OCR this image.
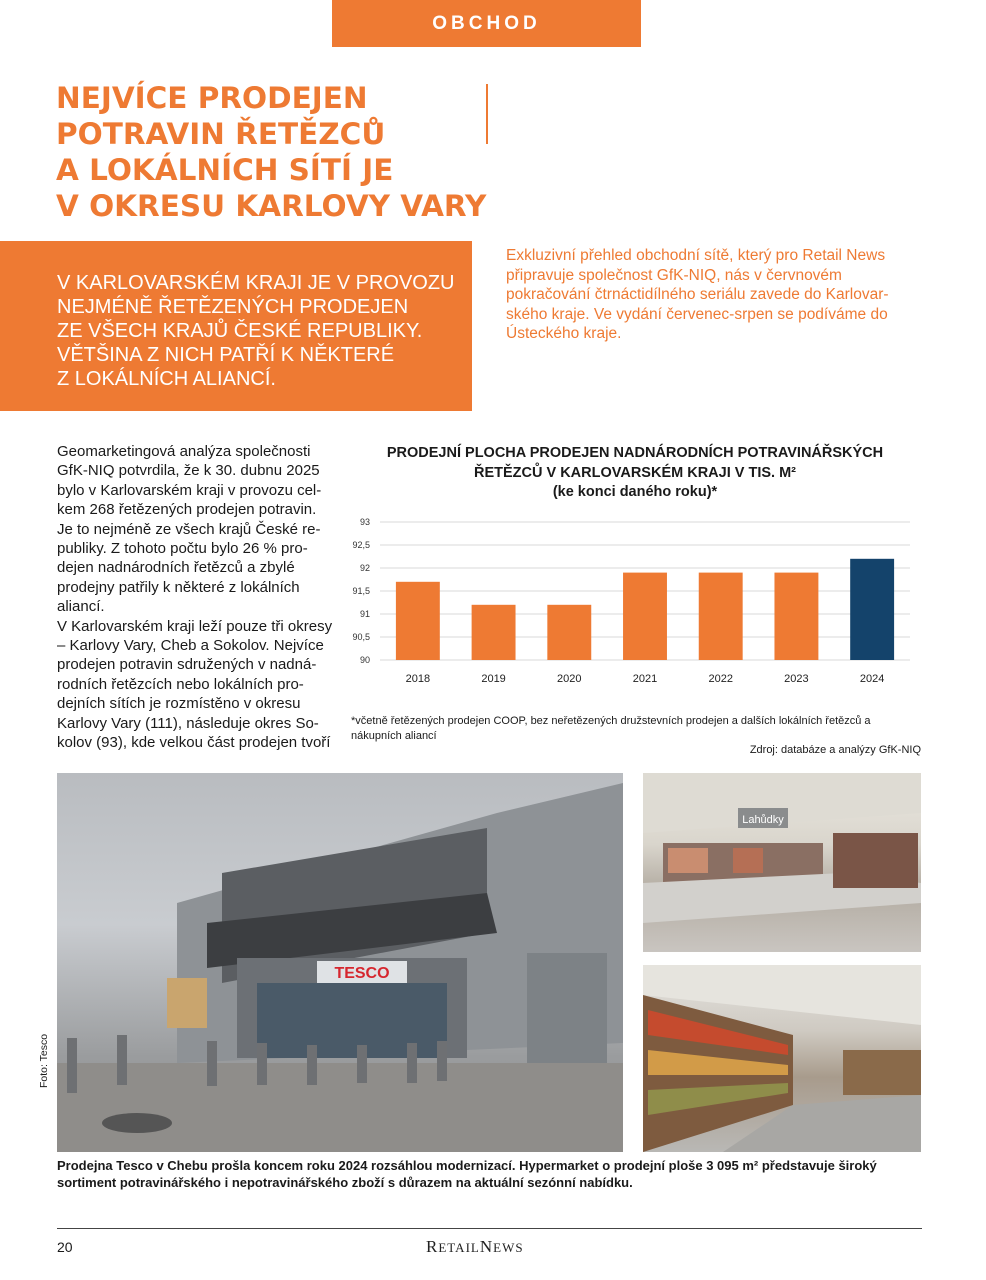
OBCHOD
NEJVÍCE PRODEJEN
POTRAVIN ŘETĚZCŮ
A LOKÁLNÍCH SÍTÍ JE
V OKRESU KARLOVY VARY
V KARLOVARSKÉM KRAJI JE V PROVOZU
NEJMÉNĚ ŘETĚZENÝCH PRODEJEN
ZE VŠECH KRAJŮ ČESKÉ REPUBLIKY.
VĚTŠINA Z NICH PATŘÍ K NĚKTERÉ
Z LOKÁLNÍCH ALIANCÍ.
Exkluzivní přehled obchodní sítě, který pro Retail News
připravuje společnost GfK-NIQ, nás v červnovém
pokračování čtrnáctidílného seriálu zavede do Karlovar-
ského kraje. Ve vydání červenec-srpen se podíváme do
Ústeckého kraje.
Geomarketingová analýza společnosti
GfK-NIQ potvrdila, že k 30. dubnu 2025
bylo v Karlovarském kraji v provozu cel-
kem 268 řetězených prodejen potravin.
Je to nejméně ze všech krajů České re-
publiky. Z tohoto počtu bylo 26 % pro-
dejen nadnárodních řetězců a zbylé
prodejny patřily k některé z lokálních
aliancí.
V Karlovarském kraji leží pouze tři okresy
– Karlovy Vary, Cheb a Sokolov. Nejvíce
prodejen potravin sdružených v nadná-
rodních řetězcích nebo lokálních pro-
dejních sítích je rozmístěno v okresu
Karlovy Vary (111), následuje okres So-
kolov (93), kde velkou část prodejen tvoří
PRODEJNÍ PLOCHA PRODEJEN NADNÁRODNÍCH POTRAVINÁŘSKÝCH
ŘETĚZCŮ V KARLOVARSKÉM KRAJI V TIS. M²
(ke konci daného roku)*
90
90,5
91
91,5
92
92,5
93
2018	2019	2020	2021	2022	2023	2024
*včetně řetězených prodejen COOP, bez neřetězených družstevních prodejen a dalších lokálních řetězců a nákupních aliancí
Zdroj: databáze a analýzy GfK-NIQ
TESCO
Lahůdky
Foto: Tesco
Prodejna Tesco v Chebu prošla koncem roku 2024 rozsáhlou modernizací. Hypermarket o prodejní ploše 3 095 m² představuje široký sortiment potravinářského i nepotravinářského zboží s důrazem na aktuální sezónní nabídku.
20	RETAILNEWS
